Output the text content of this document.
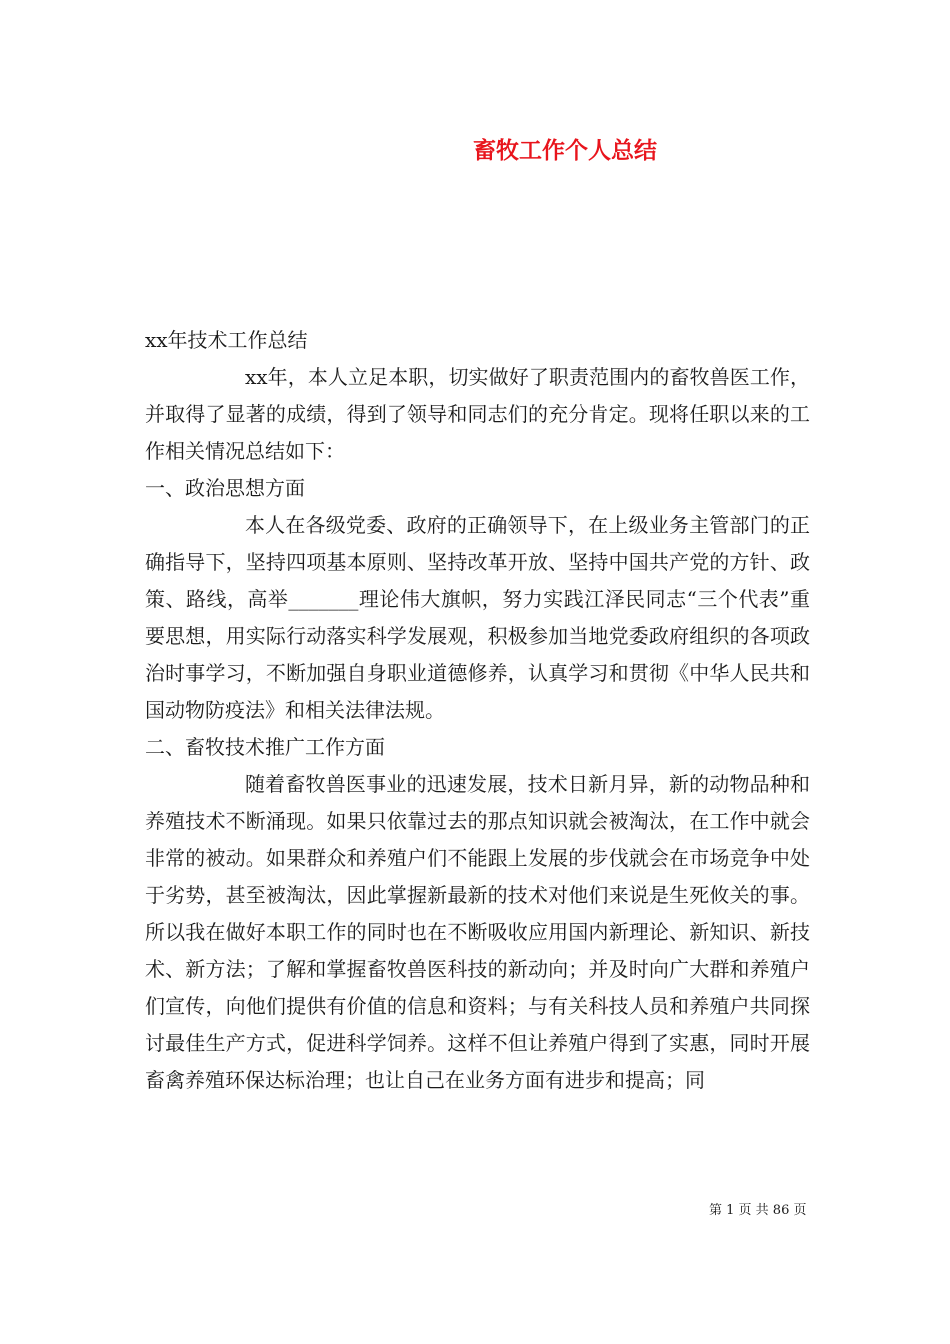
畜牧工作个人总结

xx年技术工作总结

xx年，本人立足本职，切实做好了职责范围内的畜牧兽医工作，并取得了显著的成绩，得到了领导和同志们的充分肯定。现将任职以来的工作相关情况总结如下：

一、政治思想方面

本人在各级党委、政府的正确领导下，在上级业务主管部门的正确指导下，坚持四项基本原则、坚持改革开放、坚持中国共产党的方针、政策、路线，高举_______理论伟大旗帜，努力实践江泽民同志“三个代表”重要思想，用实际行动落实科学发展观，积极参加当地党委政府组织的各项政治时事学习，不断加强自身职业道德修养，认真学习和贯彻《中华人民共和国动物防疫法》和相关法律法规。

二、畜牧技术推广工作方面

随着畜牧兽医事业的迅速发展，技术日新月异，新的动物品种和养殖技术不断涌现。如果只依靠过去的那点知识就会被淘汰，在工作中就会非常的被动。如果群众和养殖户们不能跟上发展的步伐就会在市场竞争中处于劣势，甚至被淘汰，因此掌握新最新的技术对他们来说是生死攸关的事。所以我在做好本职工作的同时也在不断吸收应用国内新理论、新知识、新技术、新方法；了解和掌握畜牧兽医科技的新动向；并及时向广大群和养殖户们宣传，向他们提供有价值的信息和资料；与有关科技人员和养殖户共同探讨最佳生产方式，促进科学饲养。这样不但让养殖户得到了实惠，同时开展畜禽养殖环保达标治理；也让自己在业务方面有进步和提高；同

第 1 页 共 86 页
